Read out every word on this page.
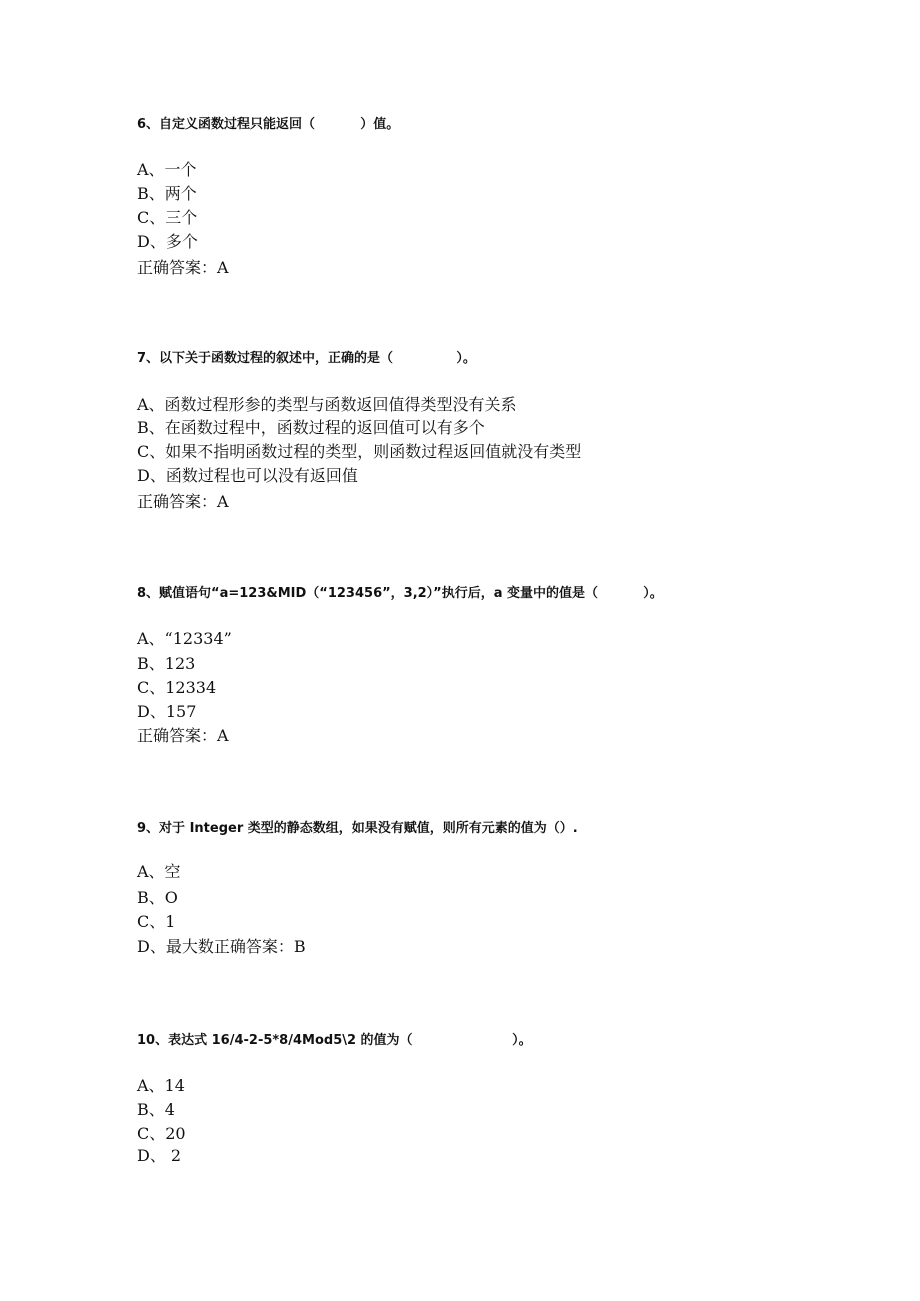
6、自定义函数过程只能返回（          ）值。
A、一个
B、两个
C、三个
D、多个
正确答案：A
7、以下关于函数过程的叙述中，正确的是（              ）。
A、函数过程形参的类型与函数返回值得类型没有关系
B、在函数过程中，函数过程的返回值可以有多个
C、如果不指明函数过程的类型，则函数过程返回值就没有类型
D、函数过程也可以没有返回值
正确答案：A
8、赋值语句“a=123&MID（“123456”，3,2）”执行后，a 变量中的值是（          ）。
A、“12334”
B、123
C、12334
D、157
正确答案：A
9、对于 Integer 类型的静态数组，如果没有赋值，则所有元素的值为（）.
A、空
B、O
C、1
D、最大数正确答案：B
10、表达式 16/4-2-5*8/4Mod5\2 的值为（                      ）。
A、14
B、4
C、20
D、 2
